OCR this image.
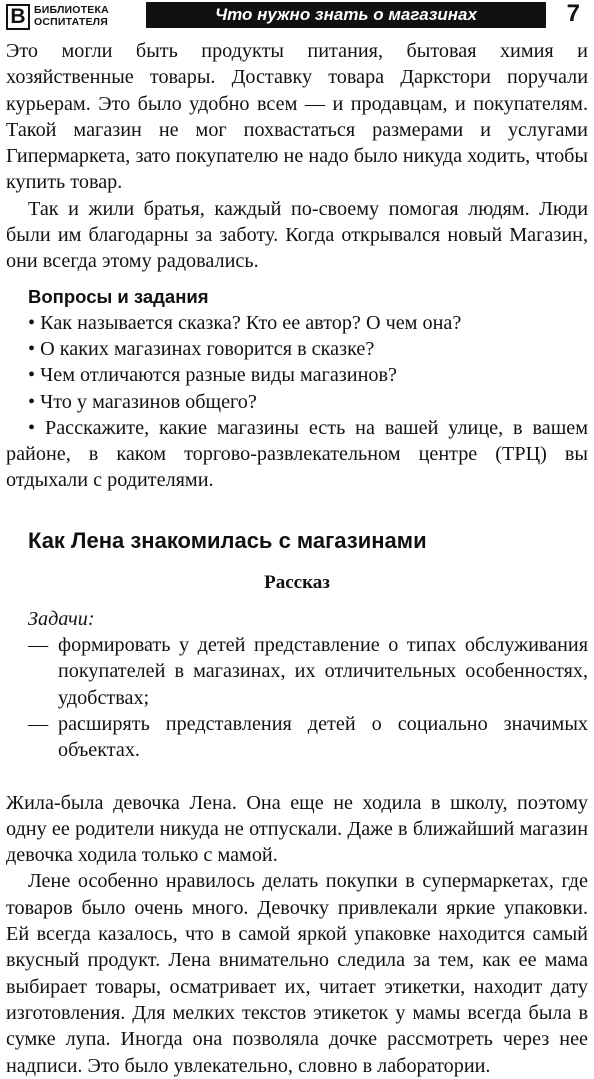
В БИБЛИОТЕКА
ОСПИТАТЕЛЯ	Что нужно знать о магазинах	7

Это могли быть продукты питания, бытовая химия и хозяйственные товары. Доставку товара Даркстори поручали курьерам. Это было удобно всем — и продавцам, и покупателям. Такой магазин не мог похвастаться размерами и услугами Гипермаркета, зато покупателю не надо было никуда ходить, чтобы купить товар.

Так и жили братья, каждый по-своему помогая людям. Люди были им благодарны за заботу. Когда открывался новый Магазин, они всегда этому радовались.

Вопросы и задания
• Как называется сказка? Кто ее автор? О чем она?
• О каких магазинах говорится в сказке?
• Чем отличаются разные виды магазинов?
• Что у магазинов общего?
• Расскажите, какие магазины есть на вашей улице, в вашем районе, в каком торгово-развлекательном центре (ТРЦ) вы отдыхали с родителями.
Как Лена знакомилась с магазинами
Рассказ
Задачи:
— формировать у детей представление о типах обслуживания покупателей в магазинах, их отличительных особенностях, удобствах;
— расширять представления детей о социально значимых объектах.

Жила-была девочка Лена. Она еще не ходила в школу, поэтому одну ее родители никуда не отпускали. Даже в ближайший магазин девочка ходила только с мамой.

Лене особенно нравилось делать покупки в супермаркетах, где товаров было очень много. Девочку привлекали яркие упаковки. Ей всегда казалось, что в самой яркой упаковке находится самый вкусный продукт. Лена внимательно следила за тем, как ее мама выбирает товары, осматривает их, читает этикетки, находит дату изготовления. Для мелких текстов этикеток у мамы всегда была в сумке лупа. Иногда она позволяла дочке рассмотреть через нее надписи. Это было увлекательно, словно в лаборатории.
